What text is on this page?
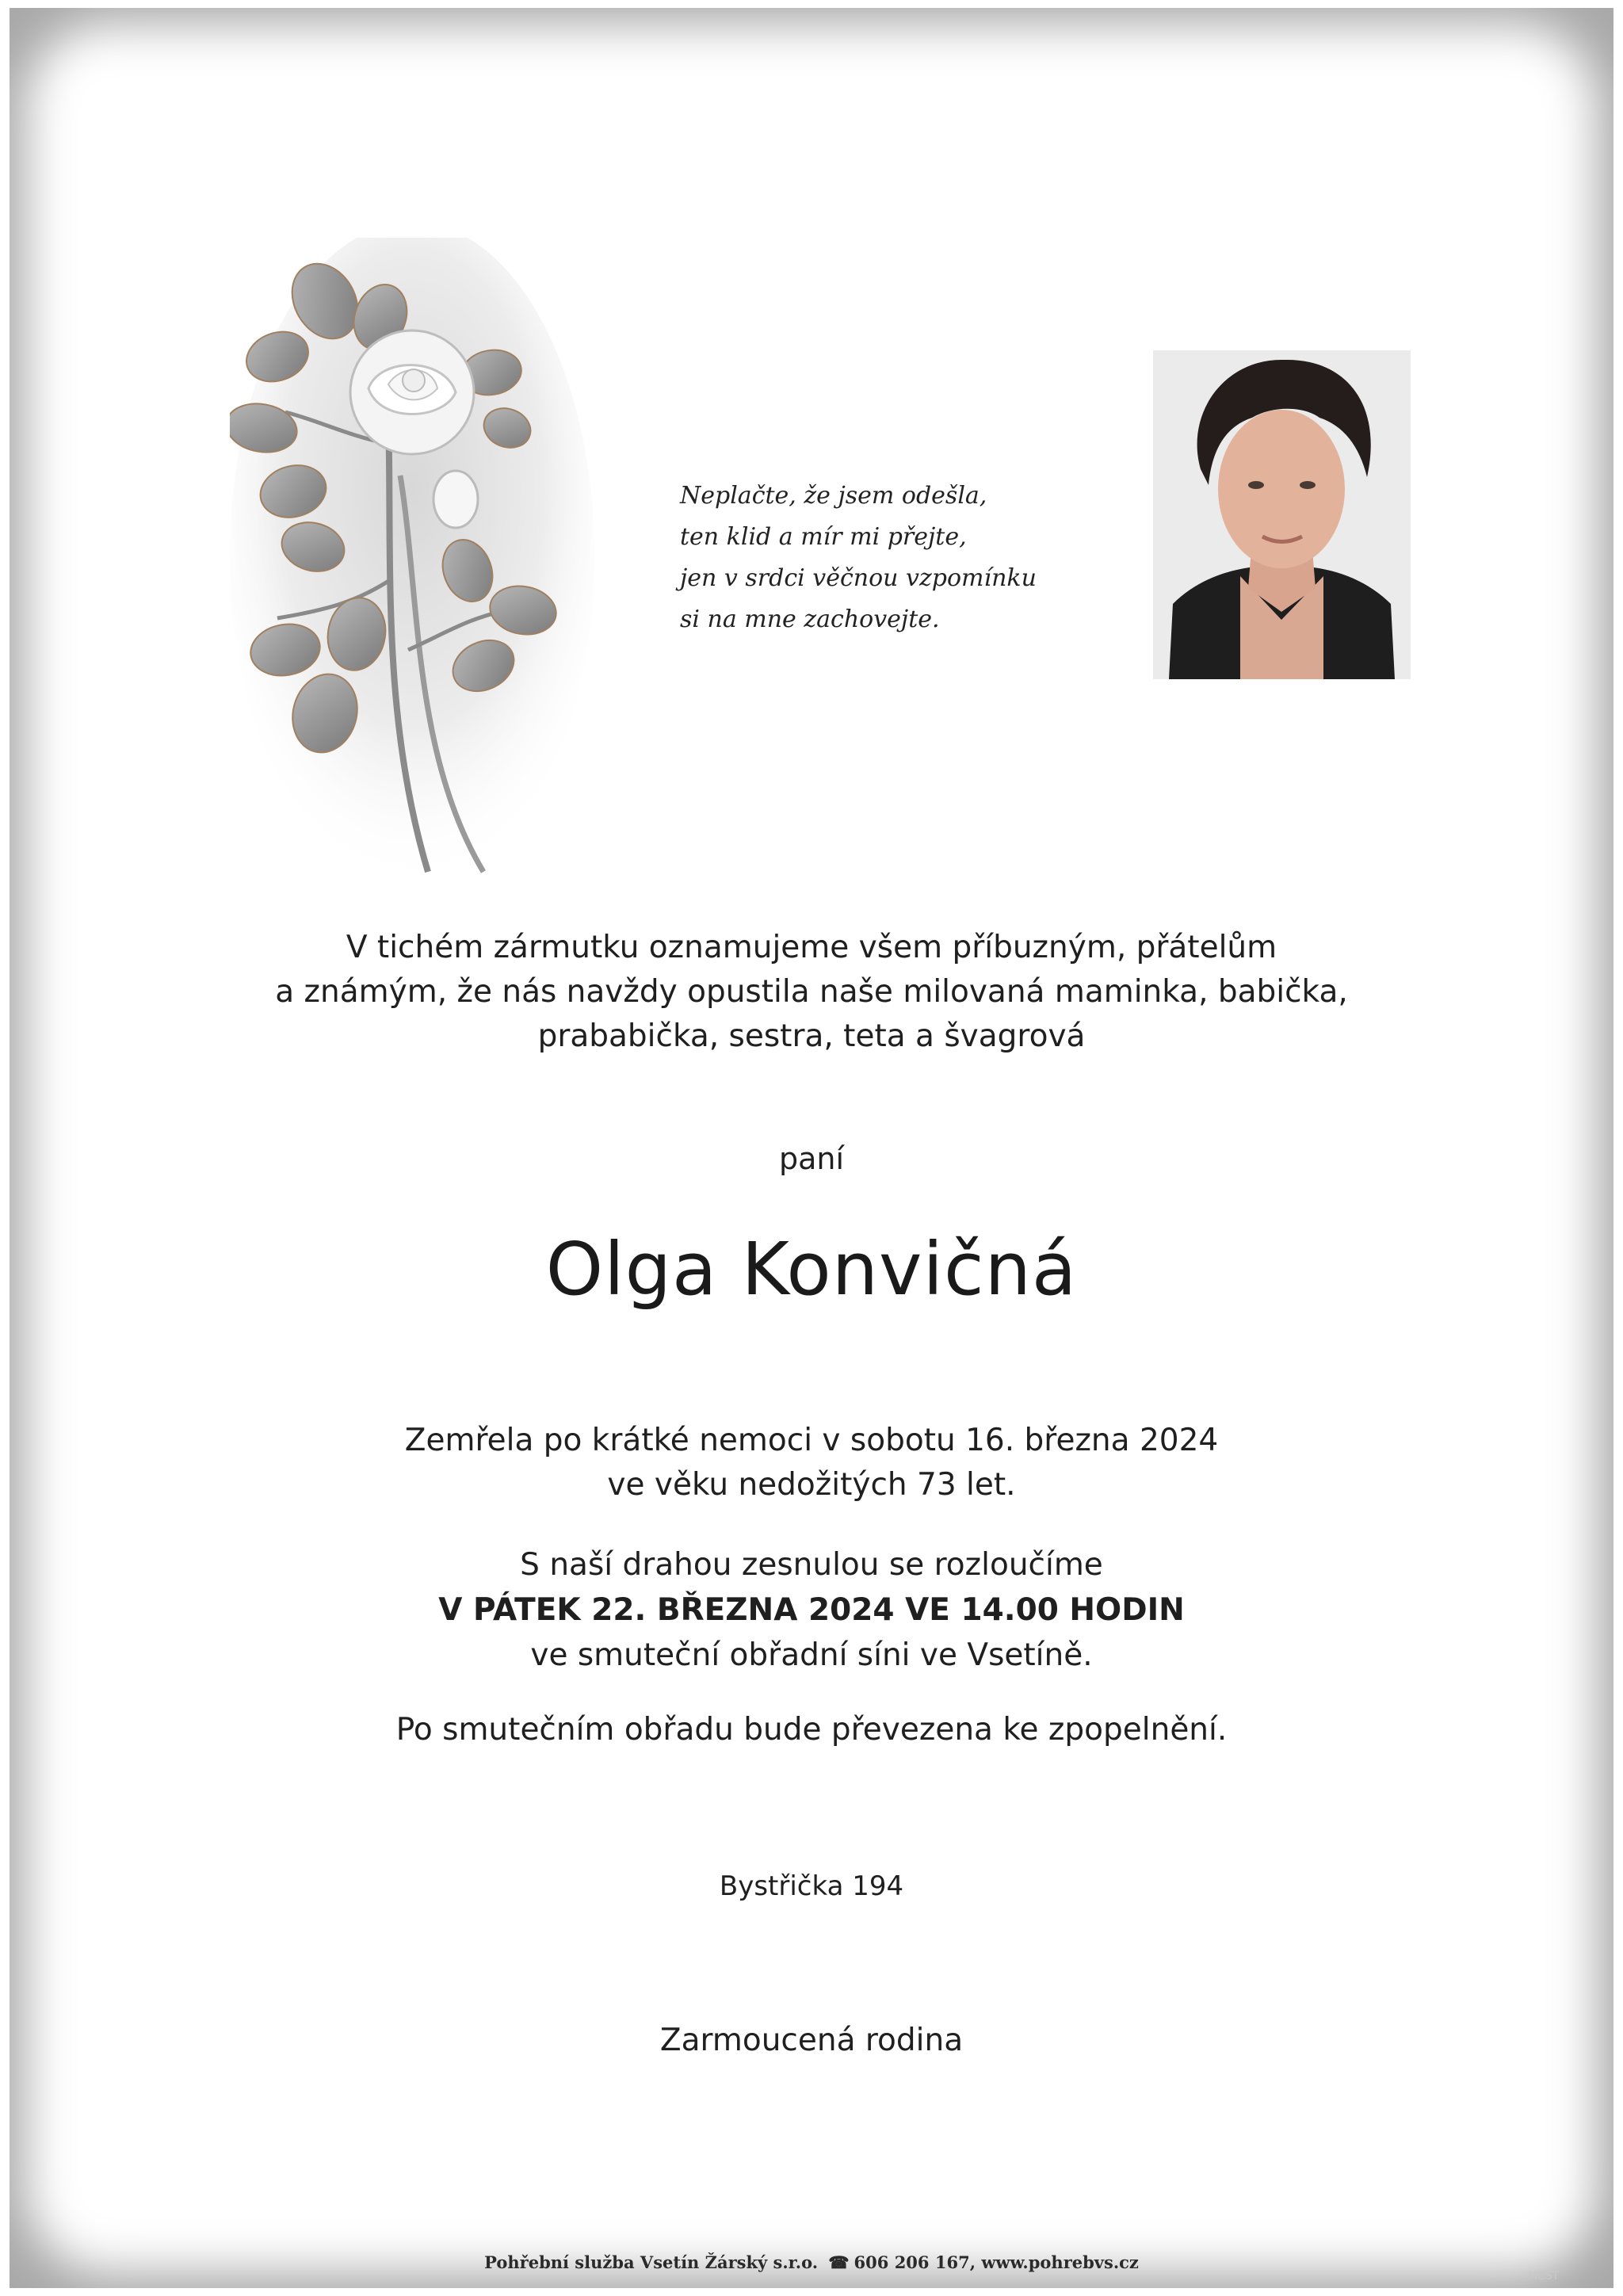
Neplačte, že jsem odešla,
ten klid a mír mi přejte,
jen v srdci věčnou vzpomínku
si na mne zachovejte.
V tichém zármutku oznamujeme všem příbuzným, přátelům
a známým, že nás navždy opustila naše milovaná maminka, babička,
prababička, sestra, teta a švagrová
paní
Olga Konvičná
Zemřela po krátké nemoci v sobotu 16. března 2024
ve věku nedožitých 73 let.
S naší drahou zesnulou se rozloučíme
V PÁTEK 22. BŘEZNA 2024 VE 14.00 HODIN
ve smuteční obřadní síni ve Vsetíně.
Po smutečním obřadu bude převezena ke zpopelnění.
Bystřička 194
Zarmoucená rodina
Pohřební služba Vsetín Žárský s.r.o. ☎ 606 206 167, www.pohrebvs.cz
MCST
